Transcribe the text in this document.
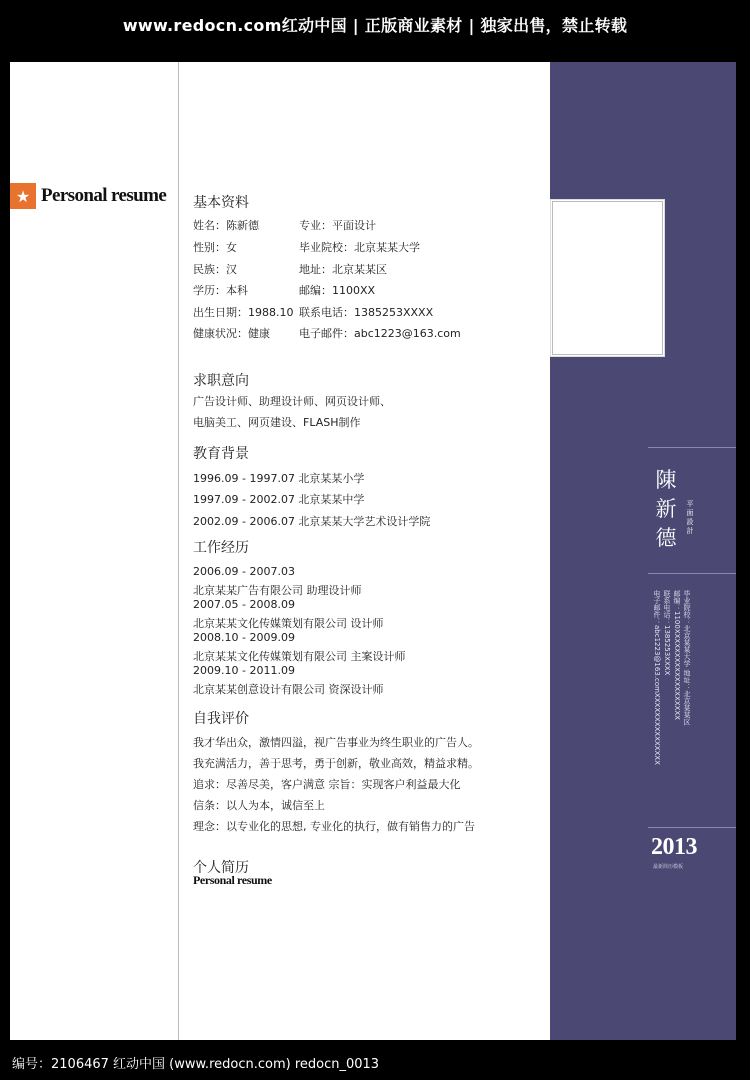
www.redocn.com红动中国 | 正版商业素材 | 独家出售，禁止转载
★ Personal resume 基本资料
姓名：陈新德	专业：平面设计
性别：女	毕业院校：北京某某大学
民族：汉	地址：北京某某区
学历：本科	邮编：1100XX
出生日期：1988.10 联系电话：1385253XXXX
健康状况：健康	电子邮件：abc1223@163.com
求职意向
广告设计师、助理设计师、网页设计师、
电脑美工、网页建设、FLASH制作
教育背景
1996.09 - 1997.07 北京某某小学
1997.09 - 2002.07 北京某某中学
2002.09 - 2006.07 北京某某大学艺术设计学院
工作经历
2006.09 - 2007.03
北京某某广告有限公司 助理设计师
2007.05 - 2008.09
北京某某文化传媒策划有限公司 设计师
2008.10 - 2009.09
北京某某文化传媒策划有限公司 主案设计师
2009.10 - 2011.09
北京某某创意设计有限公司 资深设计师
自我评价
我才华出众，激情四溢，视广告事业为终生职业的广告人。
我充满活力，善于思考，勇于创新，敬业高效，精益求精。
追求：尽善尽美，客户满意 宗旨：实现客户利益最大化
信条：以人为本，诚信至上
理念：以专业化的思想, 专业化的执行，做有销售力的广告
个人简历
Personal resume
陳
新
德
平
面
設
計
毕业院校：北京某某大学 地址：北京某某区
邮编：1100XXXXXXXXXXXXXXXXXXX
联系电话：1385253XXXX
电子邮件：abc1223@163.comXXXXXXXXXXXXXXX
2013
最新简历模板
编号：2106467 红动中国 (www.redocn.com) redocn_0013
